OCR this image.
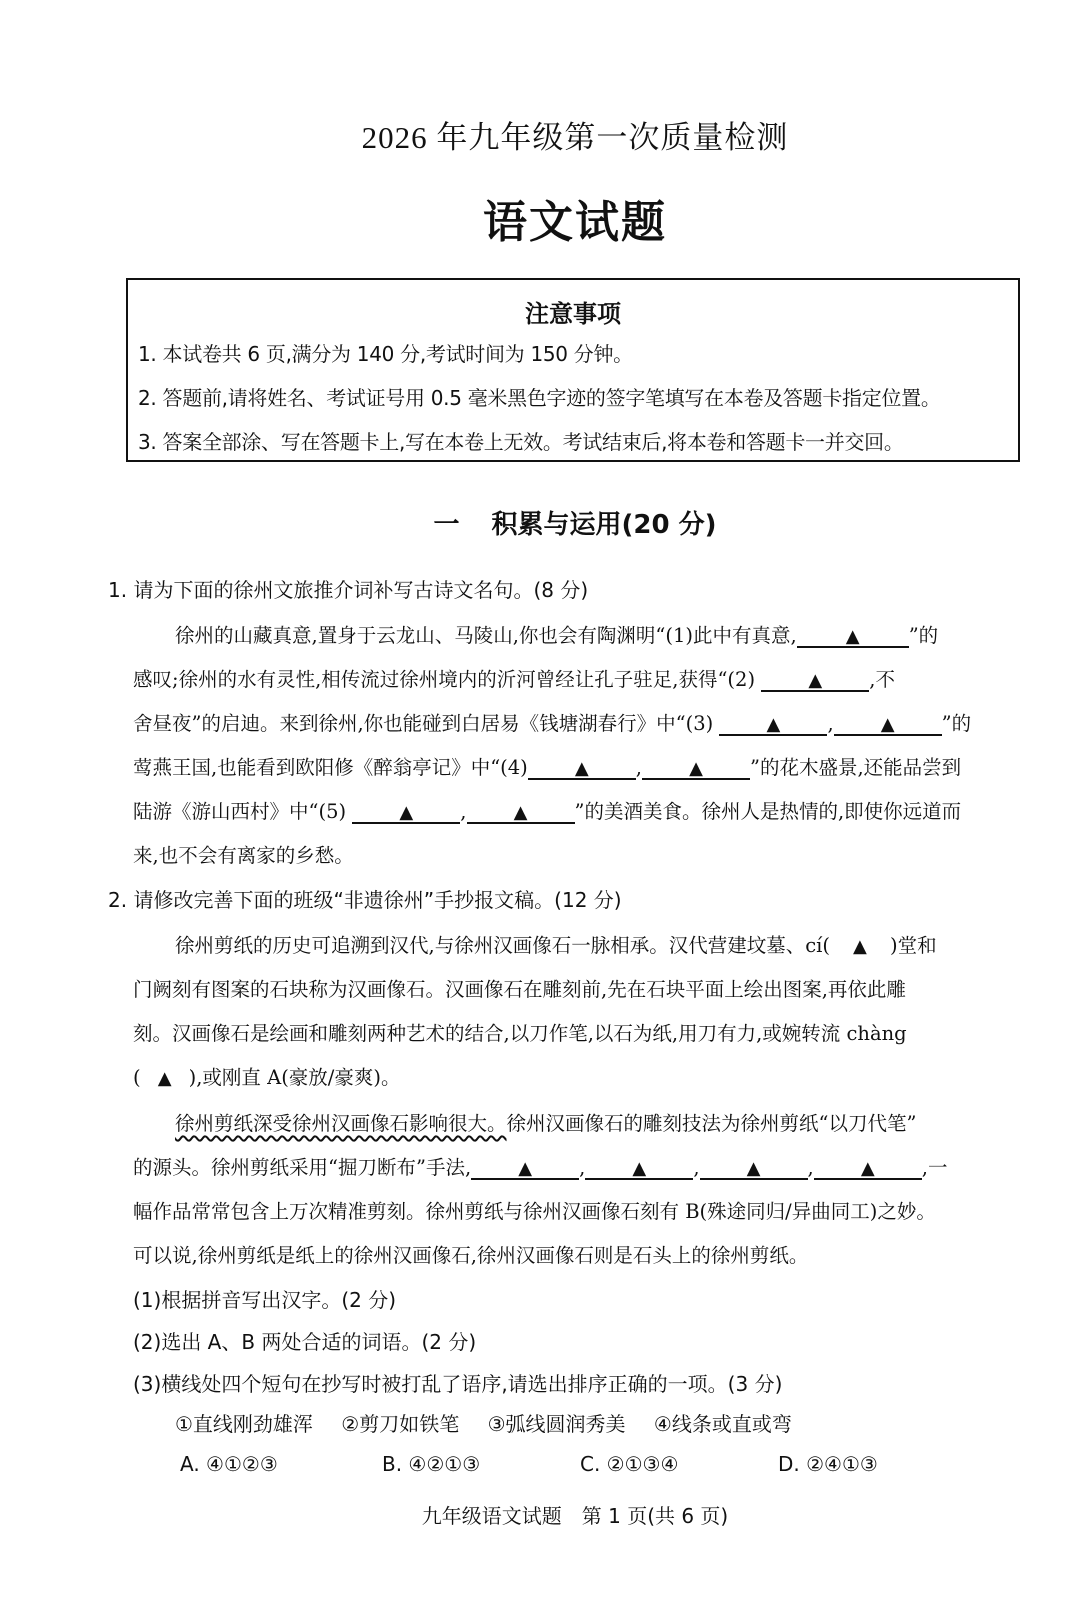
2026 年九年级第一次质量检测
语文试题
注意事项
1. 本试卷共 6 页,满分为 140 分,考试时间为 150 分钟。
2. 答题前,请将姓名、考试证号用 0.5 毫米黑色字迹的签字笔填写在本卷及答题卡指定位置。
3. 答案全部涂、写在答题卡上,写在本卷上无效。考试结束后,将本卷和答题卡一并交回。
一 积累与运用(20 分)
1. 请为下面的徐州文旅推介词补写古诗文名句。(8 分)
徐州的山藏真意,置身于云龙山、马陵山,你也会有陶渊明“(1)此中有真意,	▲	”的
感叹;徐州的水有灵性,相传流过徐州境内的沂河曾经让孔子驻足,获得“(2)	▲ ,不
舍昼夜”的启迪。来到徐州,你也能碰到白居易《钱塘湖春行》中“(3)	▲ ,	▲ ”的
莺燕王国,也能看到欧阳修《醉翁亭记》中“(4)	▲ ,	▲ ”的花木盛景,还能品尝到
陆游《游山西村》中“(5)	▲ ,	▲ ”的美酒美食。徐州人是热情的,即使你远道而
来,也不会有离家的乡愁。
2. 请修改完善下面的班级“非遗徐州”手抄报文稿。(12 分)
徐州剪纸的历史可追溯到汉代,与徐州汉画像石一脉相承。汉代营建坟墓、cí( ▲ )堂和
门阙刻有图案的石块称为汉画像石。汉画像石在雕刻前,先在石块平面上绘出图案,再依此雕
刻。汉画像石是绘画和雕刻两种艺术的结合,以刀作笔,以石为纸,用刀有力,或婉转流 chàng
( ▲ ),或刚直 A(豪放/豪爽)。
徐州剪纸深受徐州汉画像石影响很大。徐州汉画像石的雕刻技法为徐州剪纸“以刀代笔”
的源头。徐州剪纸采用“掘刀断布”手法,	▲ ,	▲ ,	▲ ,	▲ ,一
幅作品常常包含上万次精准剪刻。徐州剪纸与徐州汉画像石刻有 B(殊途同归/异曲同工)之妙。
可以说,徐州剪纸是纸上的徐州汉画像石,徐州汉画像石则是石头上的徐州剪纸。
(1)根据拼音写出汉字。(2 分)
(2)选出 A、B 两处合适的词语。(2 分)
(3)横线处四个短句在抄写时被打乱了语序,请选出排序正确的一项。(3 分)
①直线刚劲雄浑 ②剪刀如铁笔 ③弧线圆润秀美 ④线条或直或弯
A. ④①②③	B. ④②①③	C. ②①③④	D. ②④①③
九年级语文试题　第 1 页(共 6 页)
